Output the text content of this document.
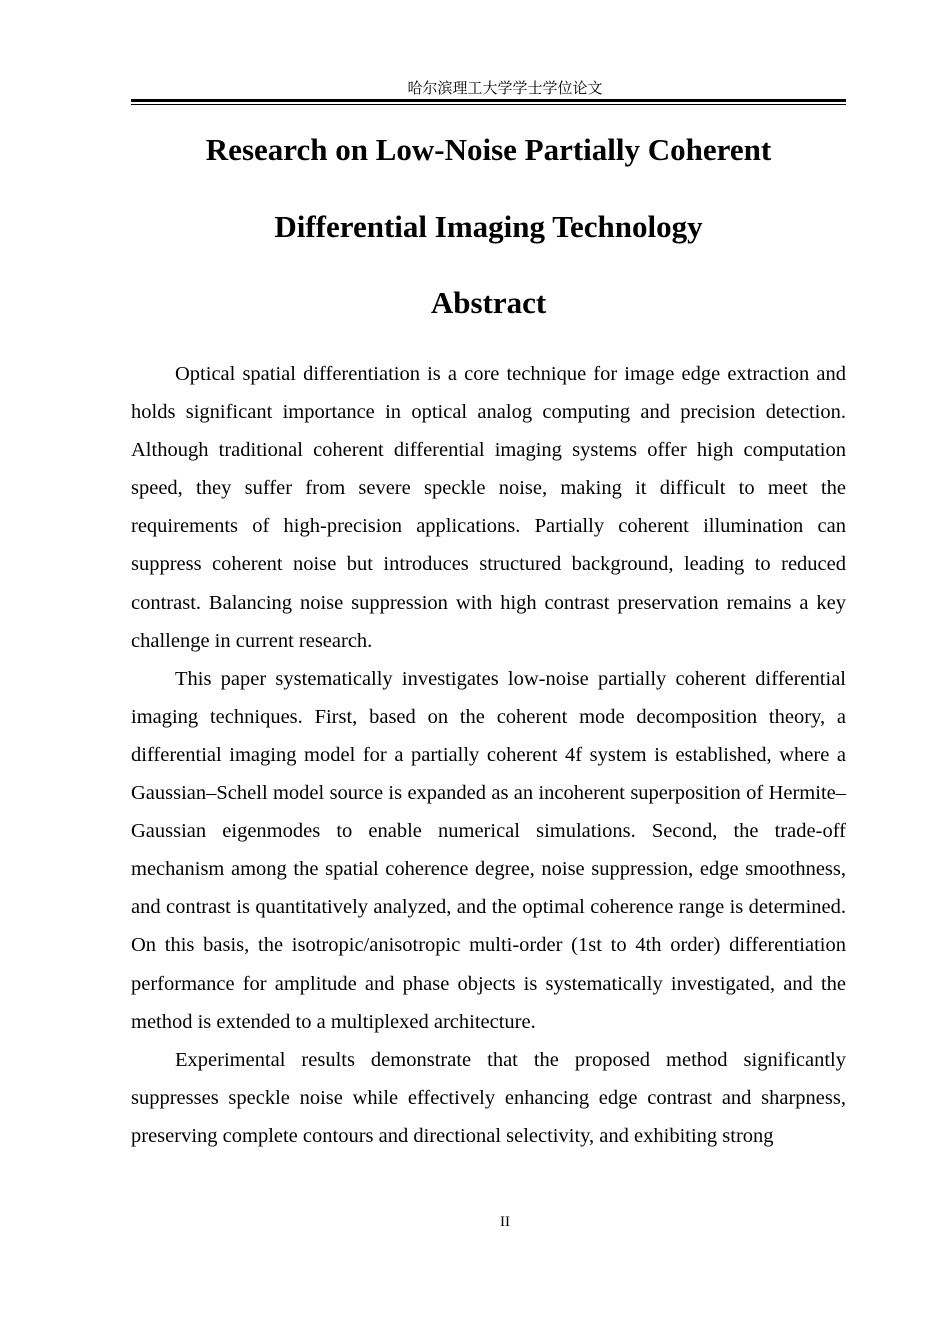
哈尔滨理工大学学士学位论文
Research on Low-Noise Partially Coherent
Differential Imaging Technology
Abstract

Optical spatial differentiation is a core technique for image edge extraction and holds significant importance in optical analog computing and precision detection. Although traditional coherent differential imaging systems offer high computation speed, they suffer from severe speckle noise, making it difficult to meet the requirements of high-precision applications. Partially coherent illumination can suppress coherent noise but introduces structured background, leading to reduced contrast. Balancing noise suppression with high contrast preservation remains a key challenge in current research.

This paper systematically investigates low-noise partially coherent differential imaging techniques. First, based on the coherent mode decomposition theory, a differential imaging model for a partially coherent 4f system is established, where a Gaussian–Schell model source is expanded as an incoherent superposition of Hermite–Gaussian eigenmodes to enable numerical simulations. Second, the trade-off mechanism among the spatial coherence degree, noise suppression, edge smoothness, and contrast is quantitatively analyzed, and the optimal coherence range is determined. On this basis, the isotropic/anisotropic multi-order (1st to 4th order) differentiation performance for amplitude and phase objects is systematically investigated, and the method is extended to a multiplexed architecture.

Experimental results demonstrate that the proposed method significantly suppresses speckle noise while effectively enhancing edge contrast and sharpness, preserving complete contours and directional selectivity, and exhibiting strong

II
